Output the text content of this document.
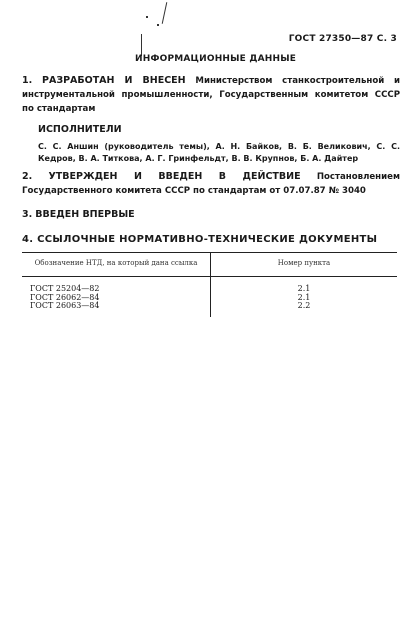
ГОСТ 27350—87 С. 3
ИНФОРМАЦИОННЫЕ ДАННЫЕ
1. РАЗРАБОТАН И ВНЕСЕН Министерством станкостроительной и инструментальной промышленности, Государственным комитетом СССР по стандартам
ИСПОЛНИТЕЛИ
С. С. Аншин (руководитель темы), А. Н. Байков, В. Б. Великович, С. С. Кедров, В. А. Титкова, А. Г. Гринфельдт, В. В. Крупнов, Б. А. Дайтер
2. УТВЕРЖДЕН И ВВЕДЕН В ДЕЙСТВИЕ Постановлением Государственного комитета СССР по стандартам от 07.07.87 № 3040
3. ВВЕДЕН ВПЕРВЫЕ
4. ССЫЛОЧНЫЕ НОРМАТИВНО-ТЕХНИЧЕСКИЕ ДОКУМЕНТЫ
Обозначение НТД, на который дана ссылка	Номер пункта
ГОСТ 25204—82	2.1
ГОСТ 26062—84	2.1
ГОСТ 26063—84	2.2
